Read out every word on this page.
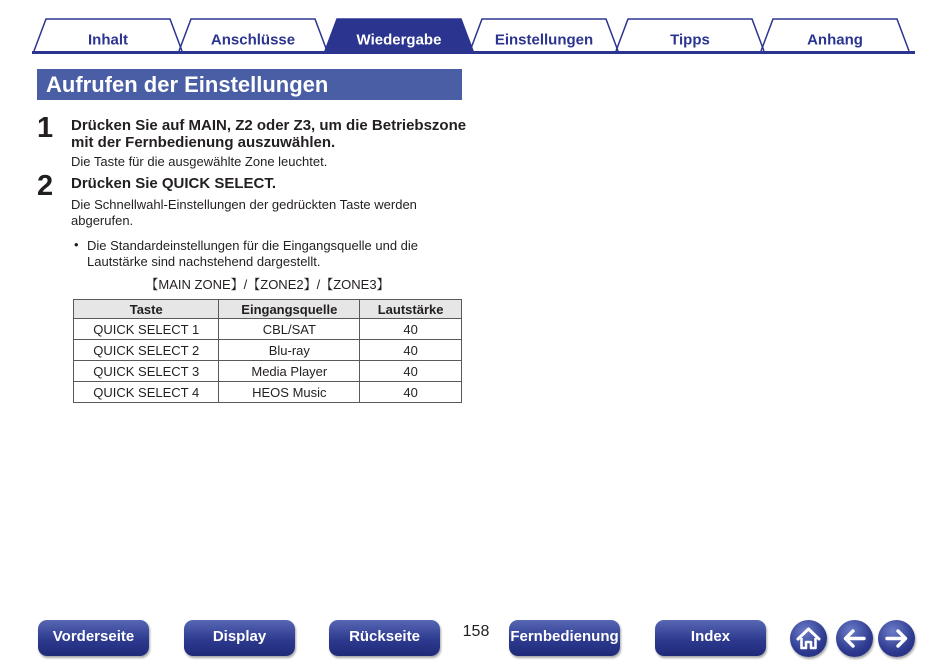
Inhalt	Anschlüsse	Wiedergabe	Einstellungen	Tipps	Anhang
Aufrufen der Einstellungen
1 Drücken Sie auf MAIN, Z2 oder Z3, um die Betriebszone
mit der Fernbedienung auszuwählen.
Die Taste für die ausgewählte Zone leuchtet.
2 Drücken Sie QUICK SELECT.
Die Schnellwahl-Einstellungen der gedrückten Taste werden
abgerufen.
• Die Standardeinstellungen für die Eingangsquelle und die
Lautstärke sind nachstehend dargestellt.
【MAIN ZONE】/【ZONE2】/【ZONE3】
Taste	Eingangsquelle	Lautstärke
QUICK SELECT 1	CBL/SAT	40
QUICK SELECT 2	Blu-ray	40
QUICK SELECT 3	Media Player	40
QUICK SELECT 4	HEOS Music	40
Vorderseite	Display	Rückseite	158	Fernbedienung	Index
